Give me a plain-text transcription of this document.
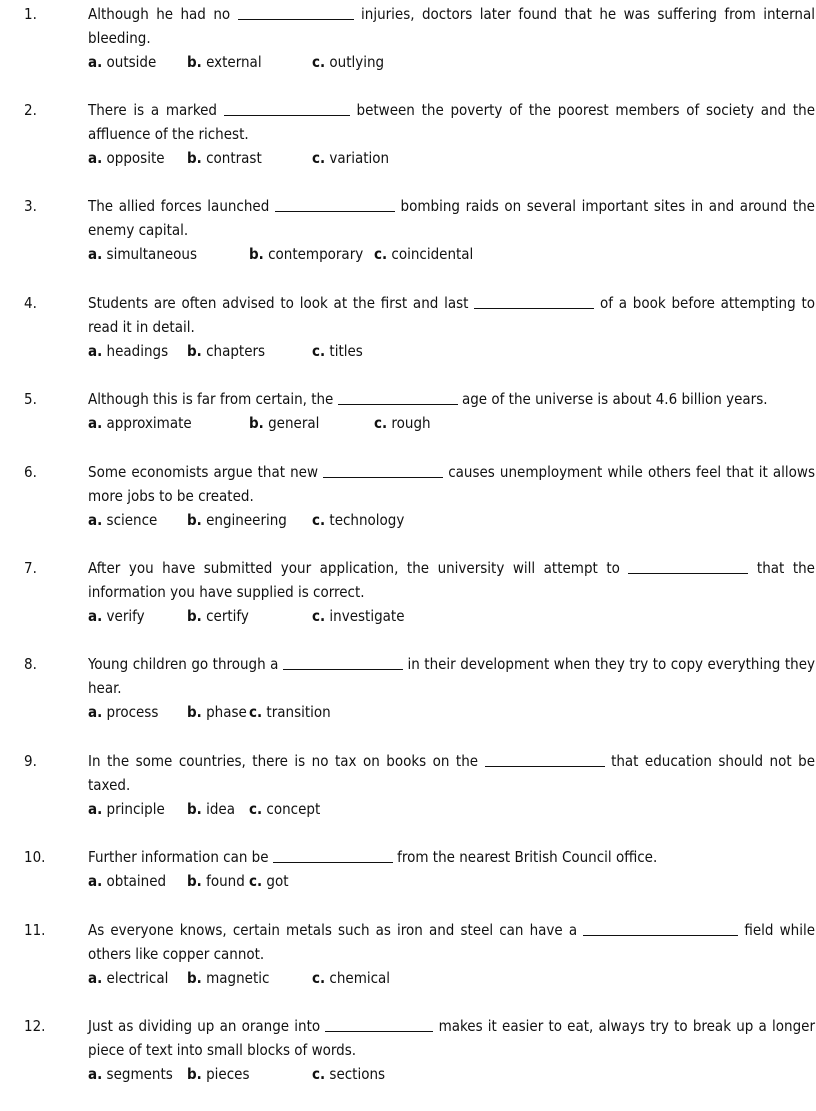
1.	Although he had no	injuries, doctors later found that he was suffering from internal bleeding.

a. outside b. external	c. outlying
2.	There is a marked	between the poverty of the poorest members of society and the affluence of the richest.

a. opposite b. contrast	c. variation
3.	The allied forces launched	bombing raids on several important sites in and around the enemy capital.

a. simultaneous	b. contemporary c. coincidental
4.	Students are often advised to look at the first and last	of a book before attempting to read it in detail.

a. headings b. chapters	c. titles
5.	Although this is far from certain, the	age of the universe is about 4.6 billion years.

a. approximate	b. general	c. rough
6.	Some economists argue that new	causes unemployment while others feel that it allows more jobs to be created.

a. science b. engineering c. technology
7.	After you have submitted your application, the university will attempt to	that the information you have supplied is correct.

a. verify	b. certify	c. investigate
8.	Young children go through a	in their development when they try to copy everything they hear.

a. process b. phase c. transition
9.	In the some countries, there is no tax on books on the	that education should not be taxed.

a. principle b. idea c. concept
10.	Further information can be	from the nearest British Council office.

a. obtained b. found c. got
11.	As everyone knows, certain metals such as iron and steel can have a	field while others like copper cannot.

a. electrical b. magnetic	c. chemical
12.	Just as dividing up an orange into	makes it easier to eat, always try to break up a longer piece of text into small blocks of words.

a. segments b. pieces	c. sections
